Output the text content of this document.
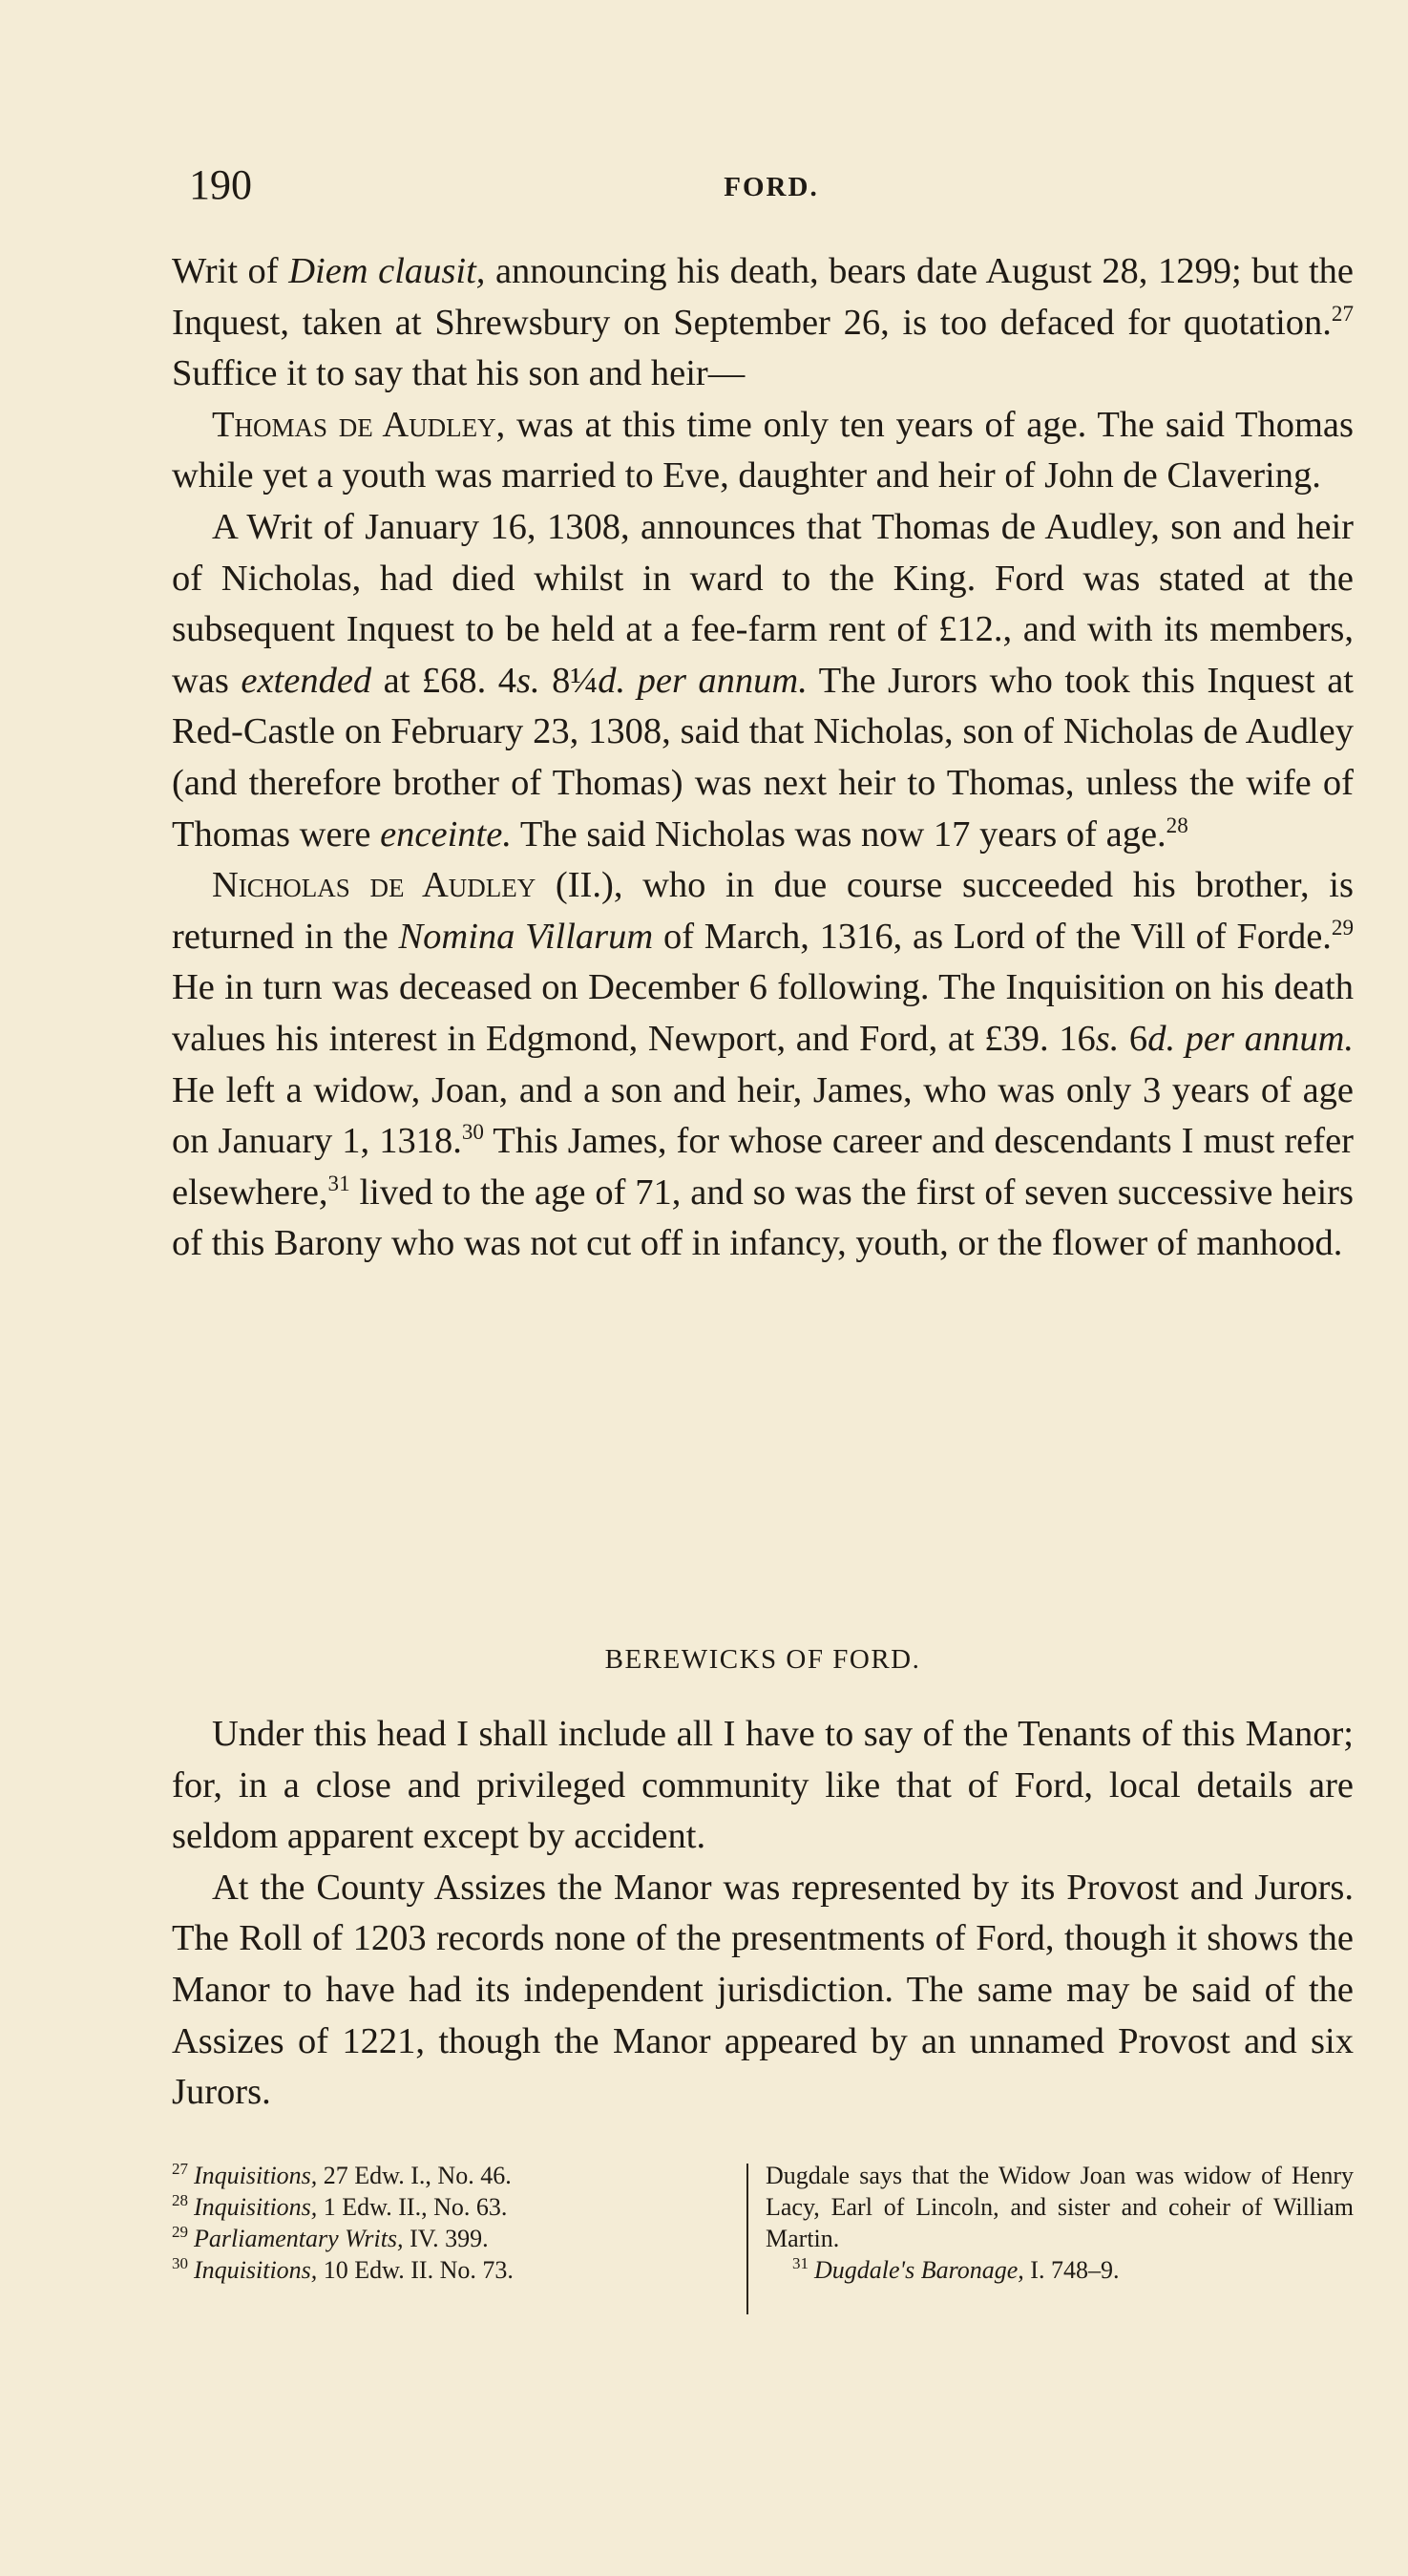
190	FORD.

Writ of Diem clausit, announcing his death, bears date August 28, 1299; but the Inquest, taken at Shrewsbury on September 26, is too defaced for quotation.$^{27}$ Suffice it to say that his son and heir—

Thomas de Audley, was at this time only ten years of age. The said Thomas while yet a youth was married to Eve, daughter and heir of John de Clavering.

A Writ of January 16, 1308, announces that Thomas de Audley, son and heir of Nicholas, had died whilst in ward to the King. Ford was stated at the subsequent Inquest to be held at a fee-farm rent of £12., and with its members, was extended at £68. 4s. 8¼d. per annum. The Jurors who took this Inquest at Red-Castle on February 23, 1308, said that Nicholas, son of Nicholas de Audley (and therefore brother of Thomas) was next heir to Thomas, unless the wife of Thomas were enceinte. The said Nicholas was now 17 years of age.$^{28}$

Nicholas de Audley (II.), who in due course succeeded his brother, is returned in the Nomina Villarum of March, 1316, as Lord of the Vill of Forde.$^{29}$ He in turn was deceased on December 6 following. The Inquisition on his death values his interest in Edgmond, Newport, and Ford, at £39. 16s. 6d. per annum. He left a widow, Joan, and a son and heir, James, who was only 3 years of age on January 1, 1318.30 This James, for whose career and descendants I must refer elsewhere,$^{31}$ lived to the age of 71, and so was the first of seven successive heirs of this Barony who was not cut off in infancy, youth, or the flower of manhood.

BEREWICKS OF FORD.

Under this head I shall include all I have to say of the Tenants of this Manor; for, in a close and privileged community like that of Ford, local details are seldom apparent except by accident.

At the County Assizes the Manor was represented by its Provost and Jurors. The Roll of 1203 records none of the presentments of Ford, though it shows the Manor to have had its independent jurisdiction. The same may be said of the Assizes of 1221, though the Manor appeared by an unnamed Provost and six Jurors.

$^{27}$ Inquisitions, 27 Edw. I., No. 46.
$^{28}$ Inquisitions, 1 Edw. II., No. 63.
$^{29}$ Parliamentary Writs, IV. 399.
$^{30}$ Inquisitions, 10 Edw. II. No. 73.
Dugdale says that the Widow Joan was widow of Henry Lacy, Earl of Lincoln, and sister and coheir of William Martin.
$^{31}$ Dugdale's Baronage, I. 748–9.
